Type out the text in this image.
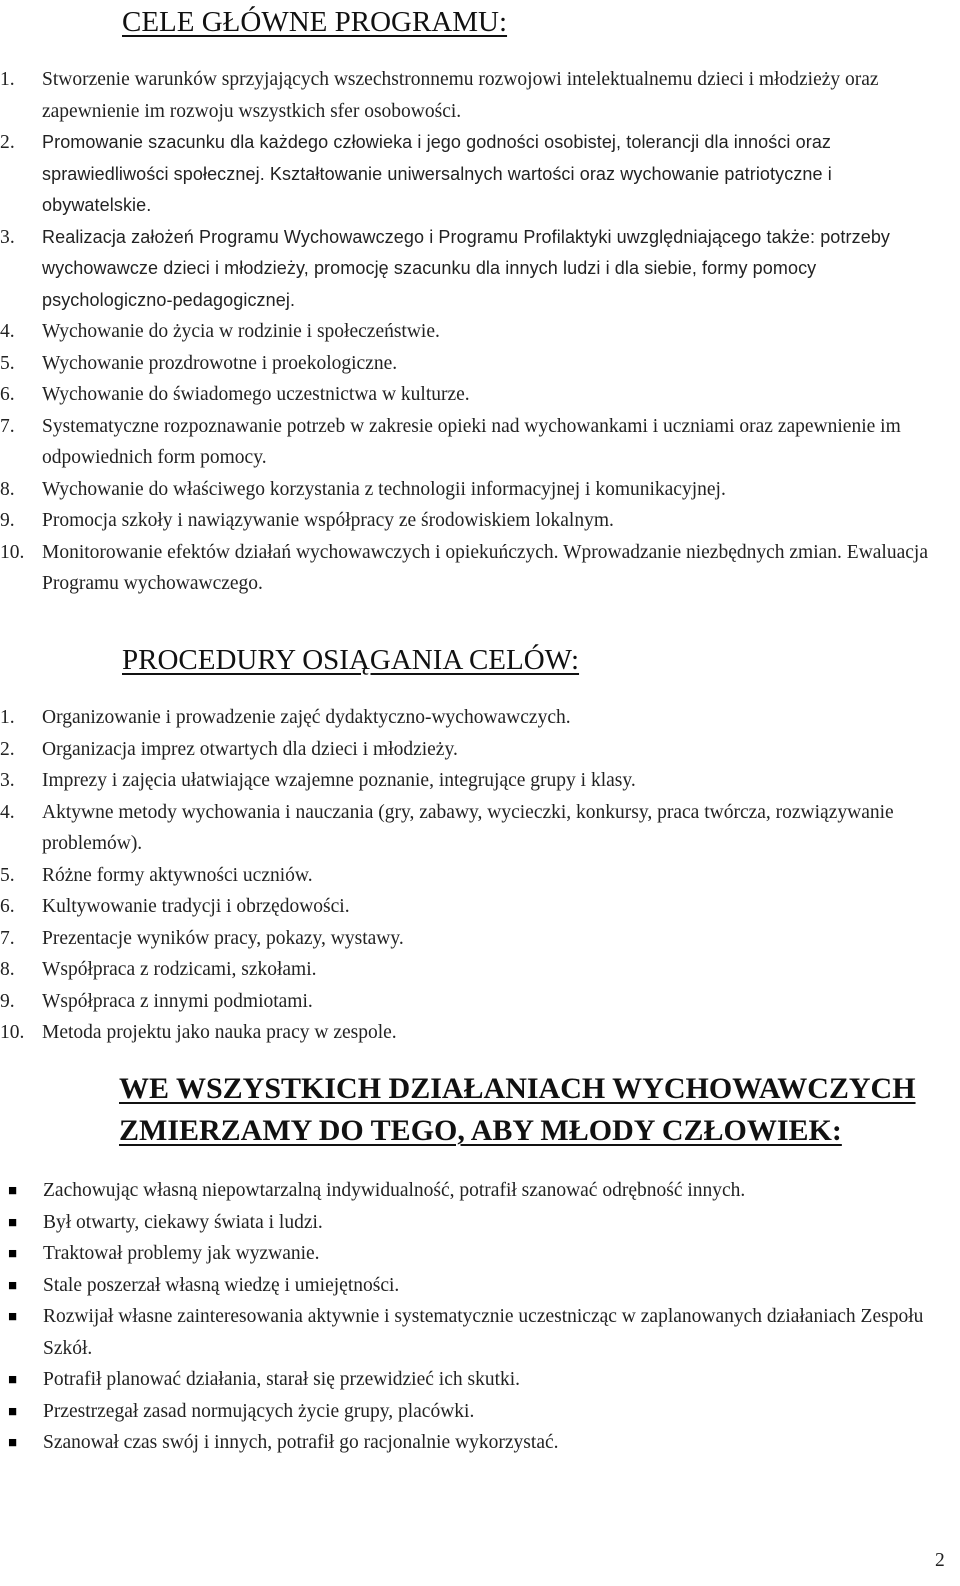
CELE GŁÓWNE PROGRAMU:
1. Stworzenie warunków sprzyjających wszechstronnemu rozwojowi intelektualnemu dzieci i młodzieży oraz zapewnienie im rozwoju wszystkich sfer osobowości.
2. Promowanie szacunku dla każdego człowieka i jego godności osobistej, tolerancji dla inności oraz sprawiedliwości społecznej. Kształtowanie uniwersalnych wartości oraz wychowanie patriotyczne i obywatelskie.
3. Realizacja założeń Programu Wychowawczego i Programu Profilaktyki uwzględniającego także: potrzeby wychowawcze dzieci i młodzieży, promocję szacunku dla innych ludzi i dla siebie, formy pomocy psychologiczno-pedagogicznej.
4. Wychowanie do życia w rodzinie i społeczeństwie.
5. Wychowanie prozdrowotne i proekologiczne.
6. Wychowanie do świadomego uczestnictwa w kulturze.
7. Systematyczne rozpoznawanie potrzeb w zakresie opieki nad wychowankami i uczniami oraz zapewnienie im odpowiednich form pomocy.
8. Wychowanie do właściwego korzystania z technologii informacyjnej i komunikacyjnej.
9. Promocja szkoły i nawiązywanie współpracy ze środowiskiem lokalnym.
10. Monitorowanie efektów działań wychowawczych i opiekuńczych. Wprowadzanie niezbędnych zmian. Ewaluacja Programu wychowawczego.
PROCEDURY OSIĄGANIA CELÓW:
1. Organizowanie i prowadzenie zajęć dydaktyczno-wychowawczych.
2. Organizacja imprez otwartych dla dzieci i młodzieży.
3. Imprezy i zajęcia ułatwiające wzajemne poznanie, integrujące grupy i klasy.
4. Aktywne metody wychowania i nauczania (gry, zabawy, wycieczki, konkursy, praca twórcza, rozwiązywanie problemów).
5. Różne formy aktywności uczniów.
6. Kultywowanie tradycji i obrzędowości.
7. Prezentacje wyników pracy, pokazy, wystawy.
8. Współpraca z rodzicami, szkołami.
9. Współpraca z innymi podmiotami.
10. Metoda projektu jako nauka pracy w zespole.
WE WSZYSTKICH DZIAŁANIACH WYCHOWAWCZYCH
ZMIERZAMY DO TEGO, ABY MŁODY CZŁOWIEK:
■ Zachowując własną niepowtarzalną indywidualność, potrafił szanować odrębność innych.
■ Był otwarty, ciekawy świata i ludzi.
■ Traktował problemy jak wyzwanie.
■ Stale poszerzał własną wiedzę i umiejętności.
■ Rozwijał własne zainteresowania aktywnie i systematycznie uczestnicząc w zaplanowanych działaniach Zespołu Szkół.
■ Potrafił planować działania, starał się przewidzieć ich skutki.
■ Przestrzegał zasad normujących życie grupy, placówki.
■ Szanował czas swój i innych, potrafił go racjonalnie wykorzystać.
2
